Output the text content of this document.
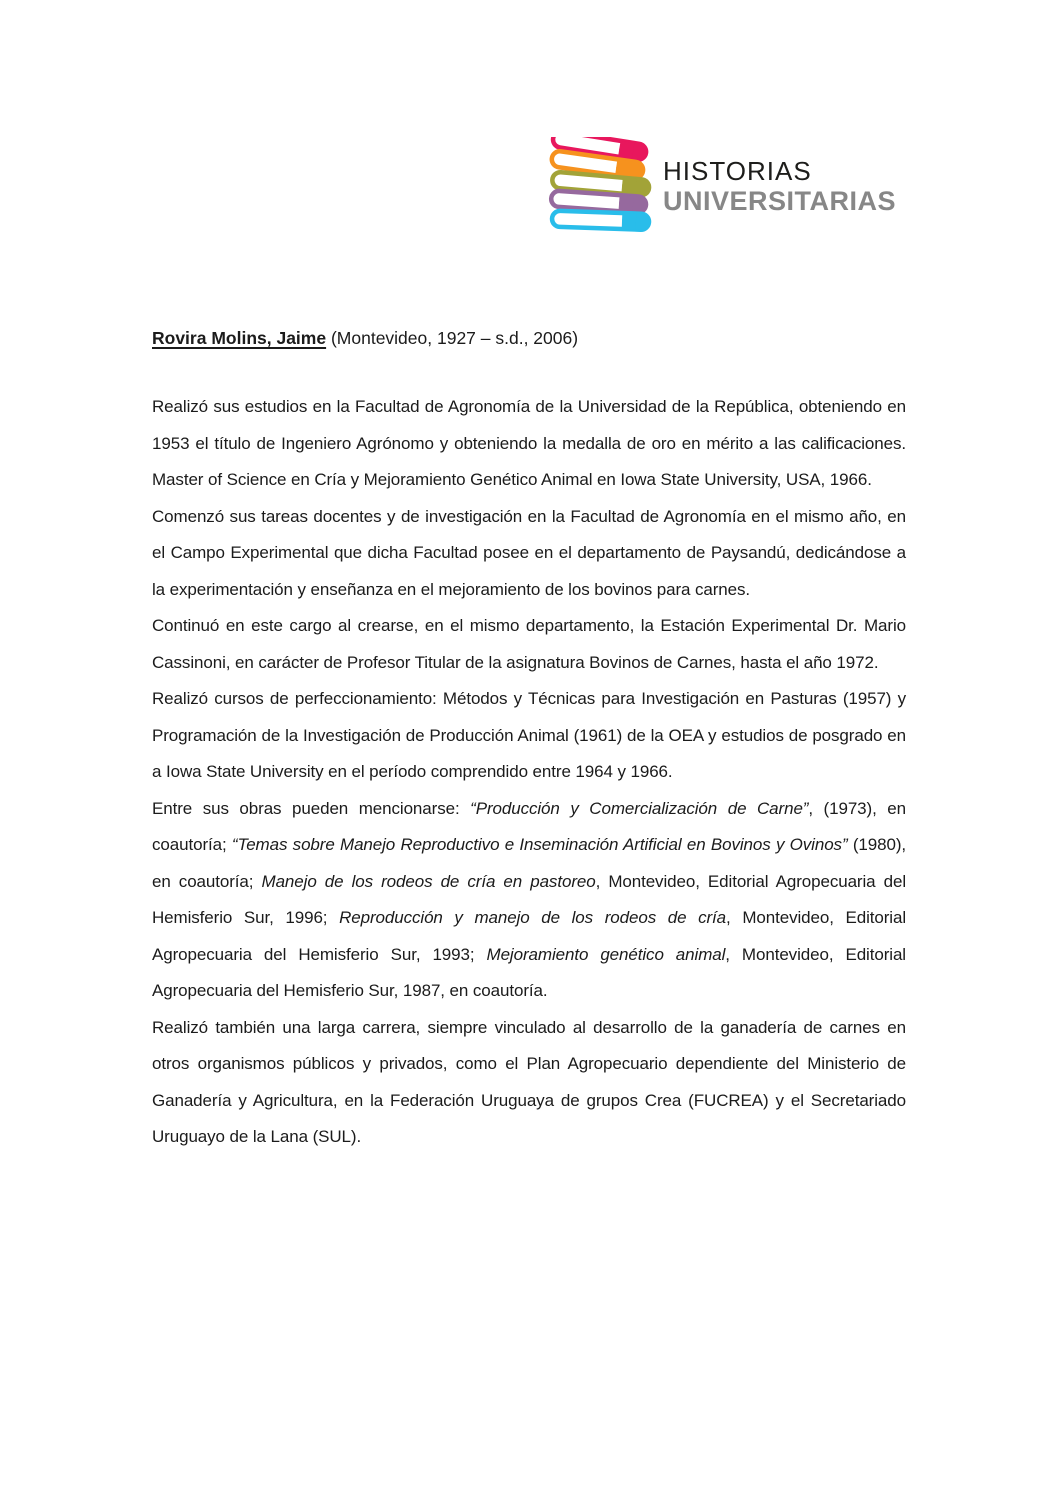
HISTORIAS

UNIVERSITARIAS

Rovira Molins, Jaime (Montevideo, 1927 – s.d., 2006)

Realizó sus estudios en la Facultad de Agronomía de la Universidad de la República, obteniendo en 1953 el título de Ingeniero Agrónomo y obteniendo la medalla de oro en mérito a las calificaciones. Master of Science en Cría y Mejoramiento Genético Animal en Iowa State University, USA, 1966.

Comenzó sus tareas docentes y de investigación en la Facultad de Agronomía en el mismo año, en el Campo Experimental que dicha Facultad posee en el departamento de Paysandú, dedicándose a la experimentación y enseñanza en el mejoramiento de los bovinos para carnes.

Continuó en este cargo al crearse, en el mismo departamento, la Estación Experimental Dr. Mario Cassinoni, en carácter de Profesor Titular de la asignatura Bovinos de Carnes, hasta el año 1972.

Realizó cursos de perfeccionamiento: Métodos y Técnicas para Investigación en Pasturas (1957) y Programación de la Investigación de Producción Animal (1961) de la OEA y estudios de posgrado en a Iowa State University en el período comprendido entre 1964 y 1966.

Entre sus obras pueden mencionarse: “Producción y Comercialización de Carne”, (1973), en coautoría; “Temas sobre Manejo Reproductivo e Inseminación Artificial en Bovinos y Ovinos” (1980), en coautoría; Manejo de los rodeos de cría en pastoreo, Montevideo, Editorial Agropecuaria del Hemisferio Sur, 1996; Reproducción y manejo de los rodeos de cría, Montevideo, Editorial Agropecuaria del Hemisferio Sur, 1993; Mejoramiento genético animal, Montevideo, Editorial Agropecuaria del Hemisferio Sur, 1987, en coautoría.

Realizó también una larga carrera, siempre vinculado al desarrollo de la ganadería de carnes en otros organismos públicos y privados, como el Plan Agropecuario dependiente del Ministerio de Ganadería y Agricultura, en la Federación Uruguaya de grupos Crea (FUCREA) y el Secretariado Uruguayo de la Lana (SUL).
